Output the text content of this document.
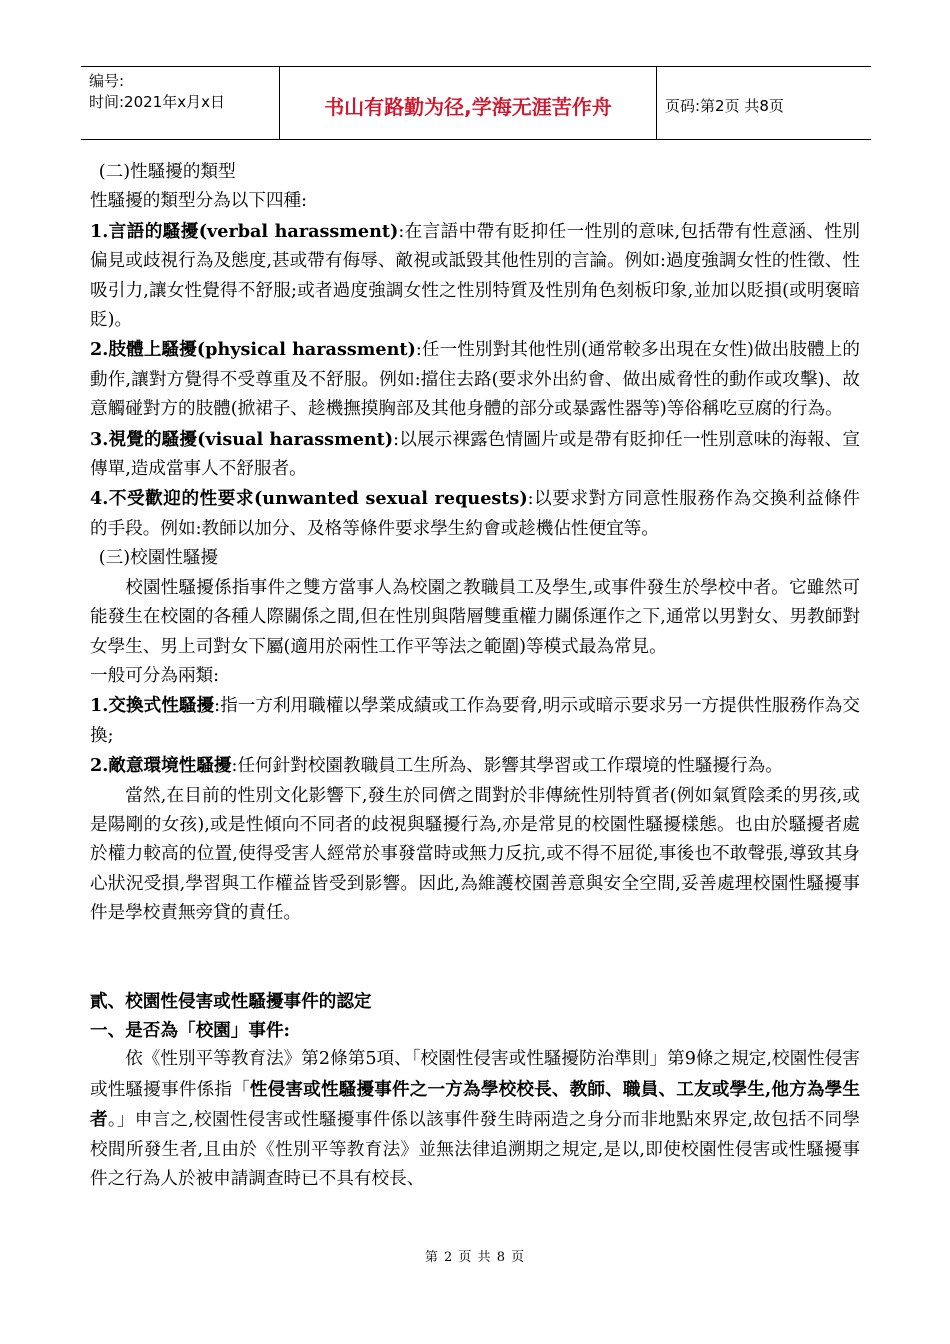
编号:
时间:2021年x月x日	书山有路勤为径,学海无涯苦作舟	页码:第2页 共8页

(二)性騷擾的類型

性騷擾的類型分為以下四種:

1.言語的騷擾(verbal harassment):在言語中帶有貶抑任一性別的意味,包括帶有性意涵、性別偏見或歧視行為及態度,甚或帶有侮辱、敵視或詆毀其他性別的言論。例如:過度強調女性的性徵、性吸引力,讓女性覺得不舒服;或者過度強調女性之性別特質及性別角色刻板印象,並加以貶損(或明褒暗貶)。

2.肢體上騷擾(physical harassment):任一性別對其他性別(通常較多出現在女性)做出肢體上的動作,讓對方覺得不受尊重及不舒服。例如:擋住去路(要求外出約會、做出威脅性的動作或攻擊)、故意觸碰對方的肢體(掀裙子、趁機撫摸胸部及其他身體的部分或暴露性器等)等俗稱吃豆腐的行為。

3.視覺的騷擾(visual harassment):以展示裸露色情圖片或是帶有貶抑任一性別意味的海報、宣傳單,造成當事人不舒服者。

4.不受歡迎的性要求(unwanted sexual requests):以要求對方同意性服務作為交換利益條件的手段。例如:教師以加分、及格等條件要求學生約會或趁機佔性便宜等。

(三)校園性騷擾

校園性騷擾係指事件之雙方當事人為校園之教職員工及學生,或事件發生於學校中者。它雖然可能發生在校園的各種人際關係之間,但在性別與階層雙重權力關係運作之下,通常以男對女、男教師對女學生、男上司對女下屬(適用於兩性工作平等法之範圍)等模式最為常見。

一般可分為兩類:

1.交換式性騷擾:指一方利用職權以學業成績或工作為要脅,明示或暗示要求另一方提供性服務作為交換;

2.敵意環境性騷擾:任何針對校園教職員工生所為、影響其學習或工作環境的性騷擾行為。

當然,在目前的性別文化影響下,發生於同儕之間對於非傳統性別特質者(例如氣質陰柔的男孩,或是陽剛的女孩),或是性傾向不同者的歧視與騷擾行為,亦是常見的校園性騷擾樣態。也由於騷擾者處於權力較高的位置,使得受害人經常於事發當時或無力反抗,或不得不屈從,事後也不敢聲張,導致其身心狀況受損,學習與工作權益皆受到影響。因此,為維護校園善意與安全空間,妥善處理校園性騷擾事件是學校責無旁貸的責任。

貳、校園性侵害或性騷擾事件的認定

一、是否為「校園」事件:

依《性別平等教育法》第2條第5項、「校園性侵害或性騷擾防治準則」第9條之規定,校園性侵害或性騷擾事件係指「性侵害或性騷擾事件之一方為學校校長、教師、職員、工友或學生,他方為學生者。」申言之,校園性侵害或性騷擾事件係以該事件發生時兩造之身分而非地點來界定,故包括不同學校間所發生者,且由於《性別平等教育法》並無法律追溯期之規定,是以,即使校園性侵害或性騷擾事件之行為人於被申請調查時已不具有校長、

第 2 页 共 8 页
